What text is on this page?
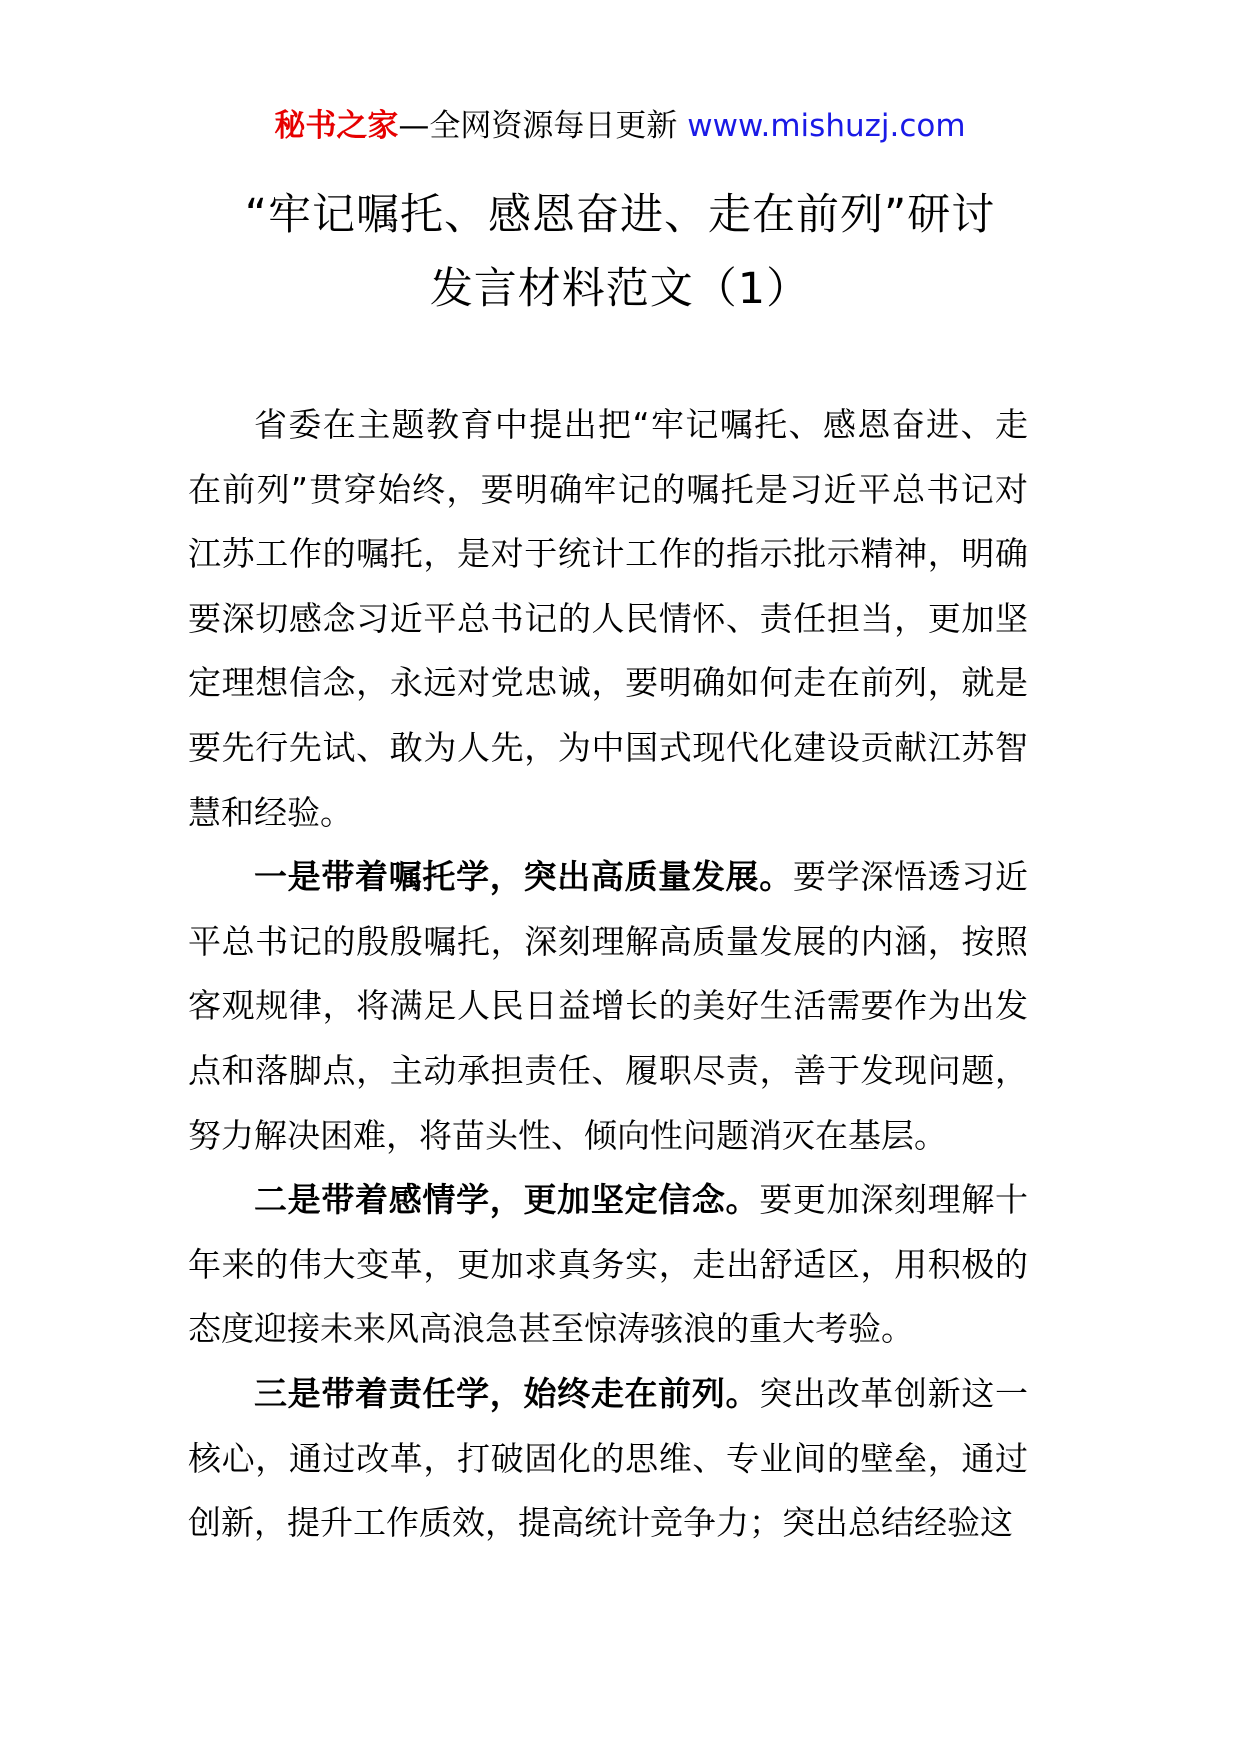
秘书之家—全网资源每日更新 www.mishuzj.com
“牢记嘱托、感恩奋进、走在前列”研讨
发言材料范文（1）

省委在主题教育中提出把“牢记嘱托、感恩奋进、走在前列”贯穿始终，要明确牢记的嘱托是习近平总书记对江苏工作的嘱托，是对于统计工作的指示批示精神，明确要深切感念习近平总书记的人民情怀、责任担当，更加坚定理想信念，永远对党忠诚，要明确如何走在前列，就是要先行先试、敢为人先，为中国式现代化建设贡献江苏智慧和经验。

一是带着嘱托学，突出高质量发展。要学深悟透习近平总书记的殷殷嘱托，深刻理解高质量发展的内涵，按照客观规律，将满足人民日益增长的美好生活需要作为出发点和落脚点，主动承担责任、履职尽责，善于发现问题，努力解决困难，将苗头性、倾向性问题消灭在基层。

二是带着感情学，更加坚定信念。要更加深刻理解十年来的伟大变革，更加求真务实，走出舒适区，用积极的态度迎接未来风高浪急甚至惊涛骇浪的重大考验。

三是带着责任学，始终走在前列。突出改革创新这一核心，通过改革，打破固化的思维、专业间的壁垒，通过创新，提升工作质效，提高统计竞争力；突出总结经验这
